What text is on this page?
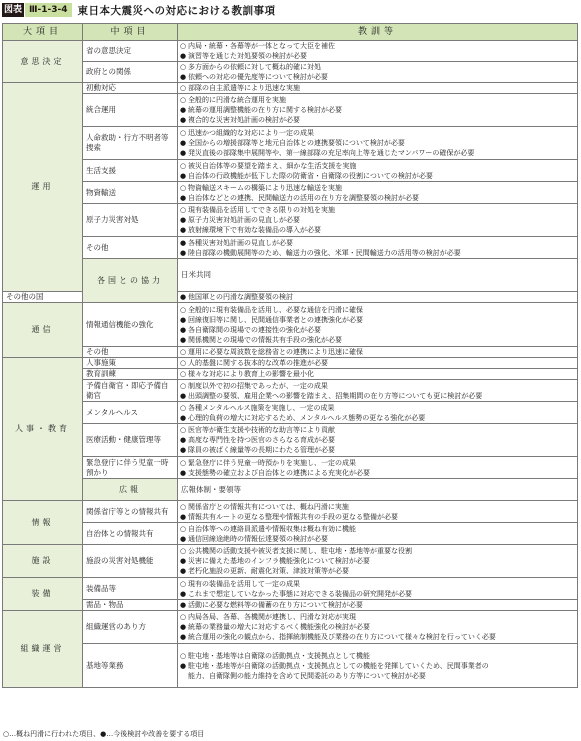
図表 Ⅲ-1-3-4 東日本大震災への対応における教訓事項
大項目	中項目	教訓等	
意思決定	省の意思決定	○ 内局・統幕・各幕等が一体となって大臣を補佐
● 演習等を通じた対処要領の検討が必要	

	政府との関係	○ 多方面からの依頼に対して概ね的確に対処
● 依頼への対応の優先度等について検討が必要	

運用	初動対応	○ 部隊の自主派遣等により迅速な実施	

	統合運用	○ 全般的に円滑な統合運用を実施
● 統幕の運用調整機能の在り方に関する検討が必要
● 複合的な災害対処計画の検討が必要	

	人命救助・行方不明者等捜索	○ 迅速かつ組織的な対応により一定の成果
● 全国からの増援部隊等と地元自治体との連携要領について検討が必要
● 発災直後の部隊集中展開等や、第一線部隊の充足率向上等を通じたマンパワーの確保が必要	

	生活支援	○ 被災自治体等の要望を踏まえ、細かな生活支援を実施
● 自治体の行政機能が低下した際の防衛省・自衛隊の役割についての検討が必要	

	物資輸送	○ 物資輸送スキームの構築により迅速な輸送を実施
● 自治体などとの連携、民間輸送力の活用の在り方を調整要領の検討が必要	

	原子力災害対処	○ 現有装備品を活用してできる限りの対処を実施
● 原子力災害対処計画の見直しが必要
● 放射線環境下で有効な装備品の導入が必要	

	その他	● 各種災害対処計画の見直しが必要
● 陸自部隊の機動展開等のため、輸送力の強化、米軍・民間輸送力の活用等の検討が必要	

	各国との協力	日米共同	

その他の国		● 他国軍との円滑な調整要領の検討	

通信	情報通信機能の強化	○ 全般的に現有装備品を活用し、必要な通信を円滑に確保
● 回線復旧等に関し、民間通信事業者との連携強化が必要
● 各自衛隊間の現場での連接性の強化が必要
● 関係機関との現場での情報共有手段の強化が必要	

	その他	○ 運用に必要な周波数を総務省との連携により迅速に確保	

人事・教育	人事施策	○ 人的基盤に関する抜本的な改革の推進が必要	

	教育訓練	○ 様々な対応により教育上の影響を最小化	

	予備自衛官・即応予備自衛官	○ 制度以外で初の招集であったが、一定の成果
● 出頭調整の要領、雇用企業への影響を踏まえ、招集期間の在り方等についても更に検討が必要	

	メンタルヘルス	○ 各種メンタルヘルス施策を実施し、一定の成果
● 心理的負荷の増大に対応するため、メンタルヘルス態勢の更なる強化が必要	

	医療活動・健康管理等	○ 医官等が衛生支援や技術的な助言等により貢献
● 高度な専門性を持つ医官のさらなる育成が必要
● 隊員の被ばく線量等の長期にわたる管理が必要	

	緊急登庁に伴う児童一時預かり	○ 緊急登庁に伴う児童一時預かりを実施し、一定の成果
● 支援態勢の確立および自治体との連携による充実化が必要	

	広報	広報体制・要領等	

情報	関係省庁等との情報共有	○ 関係省庁との情報共有については、概ね円滑に実施
● 情報共有ルートの更なる整理や情報共有の手段の更なる整備が必要	

	自治体との情報共有	○ 自治体等への連絡員派遣や情報収集は概ね有効に機能
● 通信回線途絶時の情報伝達要領の検討が必要	

施設	施設の災害対処機能	○ 公共機関の活動支援や被災者支援に関し、駐屯地・基地等が重要な役割
● 災害に備えた基地のインフラ機能強化について検討が必要
● 老朽化施設の更新、耐震化対策、津波対策等が必要	

装備	装備品等	○ 現有の装備品を活用して一定の成果
● これまで想定していなかった事態に対応できる装備品の研究開発が必要	

	需品・物品	● 活動に必要な燃料等の備蓄の在り方について検討が必要	

組織運営	組織運営のあり方	○ 内局各局、各幕、各機関が連携し、円滑な対応が実現
● 統幕の業務量の増大に対応するべく機能強化の検討が必要
● 統合運用の強化の観点から、指揮統制機能及び業務の在り方について様々な検討を行っていく必要	

	基地等業務	○ 駐屯地・基地等は自衛隊の活動拠点・支援拠点として機能
● 駐屯地・基地等が自衛隊の活動拠点・支援拠点としての機能を発揮していくため、民間事業者の
能力、自衛隊側の能力維持を含めて民間委託のあり方等について検討が必要	
○…概ね円滑に行われた項目、●…今後検討や改善を要する項目
